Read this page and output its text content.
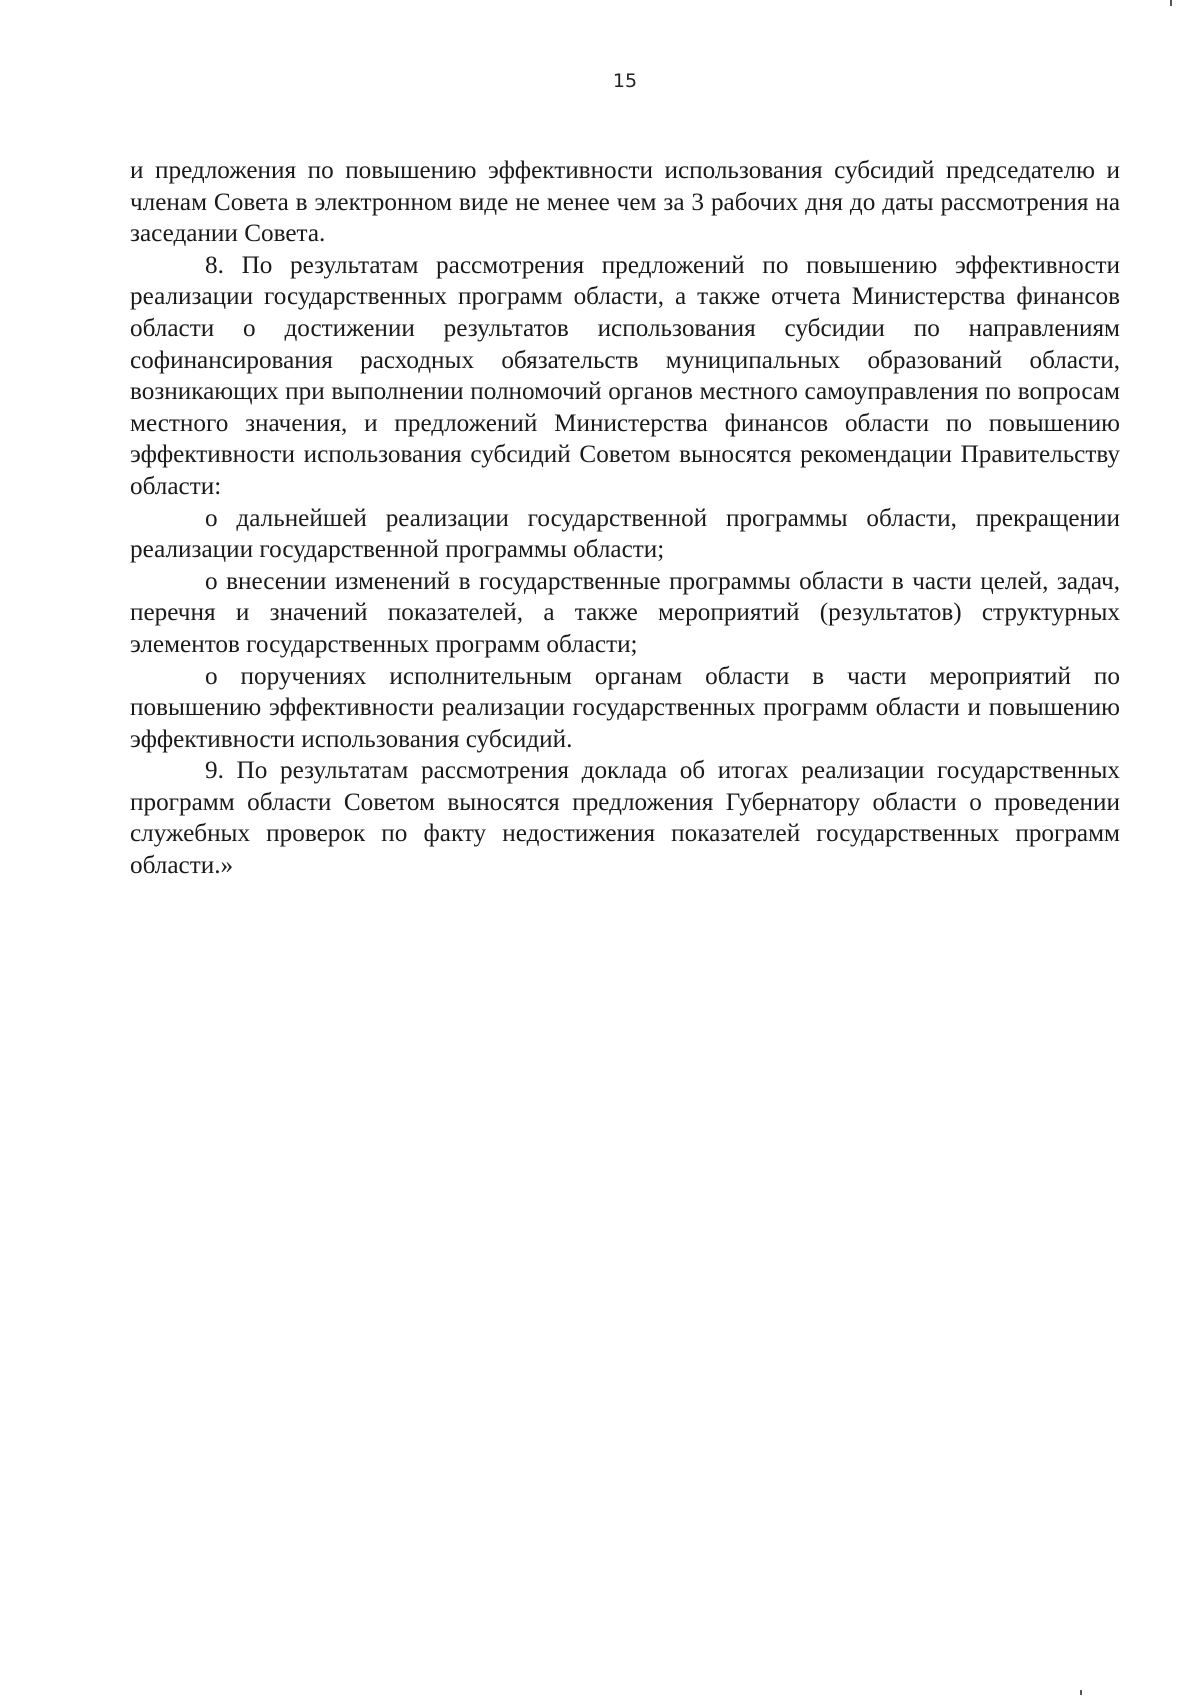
15

и предложения по повышению эффективности использования субсидий председателю и членам Совета в электронном виде не менее чем за 3 рабочих дня до даты рассмотрения на заседании Совета.

8. По результатам рассмотрения предложений по повышению эффективности реализации государственных программ области, а также отчета Министерства финансов области о достижении результатов использования субсидии по направлениям софинансирования расходных обязательств муниципальных образований области, возникающих при выполнении полномочий органов местного самоуправления по вопросам местного значения, и предложений Министерства финансов области по повышению эффективности использования субсидий Советом выносятся рекомендации Правительству области:

о дальнейшей реализации государственной программы области, прекращении реализации государственной программы области;

о внесении изменений в государственные программы области в части целей, задач, перечня и значений показателей, а также мероприятий (результатов) структурных элементов государственных программ области;

о поручениях исполнительным органам области в части мероприятий по повышению эффективности реализации государственных программ области и повышению эффективности использования субсидий.

9. По результатам рассмотрения доклада об итогах реализации государственных программ области Советом выносятся предложения Губернатору области о проведении служебных проверок по факту недостижения показателей государственных программ области.»
